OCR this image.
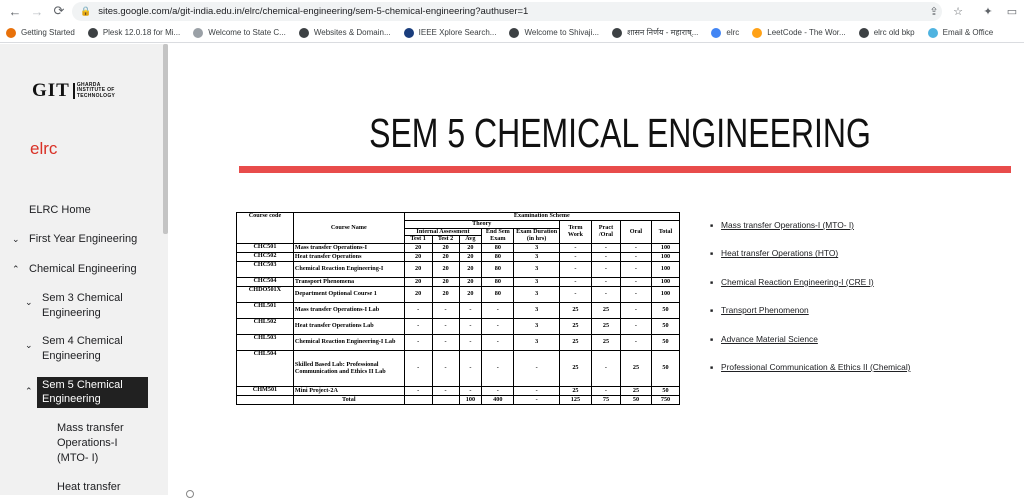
← → ⟳	🔒 sites.google.com/a/git-india.edu.in/elrc/chemical-engineering/sem-5-chemical-engineering?authuser=1	⇪	☆	✦	▭
Getting Started	Plesk 12.0.18 for Mi...	Welcome to State C...	Websites & Domain...	IEEE Xplore Search...	Welcome to Shivaji...	शासन निर्णय - महाराष्...	elrc	LeetCode - The Wor...	elrc old bkp	Email & Office
GIT GHARDA
INSTITUTE OF
TECHNOLOGY
elrc
ELRC Home
⌄ First Year Engineering
⌃ Chemical Engineering
⌄ Sem 3 Chemical Engineering
⌄ Sem 4 Chemical Engineering
⌃ Sem 5 Chemical Engineering
Mass transfer Operations-I (MTO- I)
Heat transfer
SEM 5 CHEMICAL ENGINEERING
Course code	Course Name	Examination Scheme								
		Theory					Term Work	Pract /Oral	Oral	Total
		Internal Assessment			End Sem Exam	Exam Duration (in hrs)				
		Test 1	Test 2	Avg						
CHC501	Mass transfer Operations-I	20	20	20	80	3	-	-	-	100
CHC502	Heat transfer Operations	20	20	20	80	3	-	-	-	100
CHC503	Chemical Reaction Engineering-I	20	20	20	80	3	-	-	-	100
CHC504	Transport Phenomena	20	20	20	80	3	-	-	-	100
CHDO501X	Department Optional Course 1	20	20	20	80	3	-	-	-	100
CHL501	Mass transfer Operations-I Lab	-	-	-	-	3	25	25	-	50
CHL502	Heat transfer Operations Lab	-	-	-	-	3	25	25	-	50
CHL503	Chemical Reaction Engineering-I Lab	-	-	-	-	3	25	25	-	50
CHL504	Skilled Based Lab: Professional Communication and Ethics II Lab	-	-	-	-	-	25	-	25	50
CHM501	Mini Project-2A	-	-	-	-	-	25	-	25	50
	Total			100	400	-	125	75	50	750
■ Mass transfer Operations-I (MTO- I)
■ Heat transfer Operations (HTO)
■ Chemical Reaction Engineering-I (CRE I)
■ Transport Phenomenon
■ Advance Material Science
■ Professional Communication & Ethics II (Chemical)
